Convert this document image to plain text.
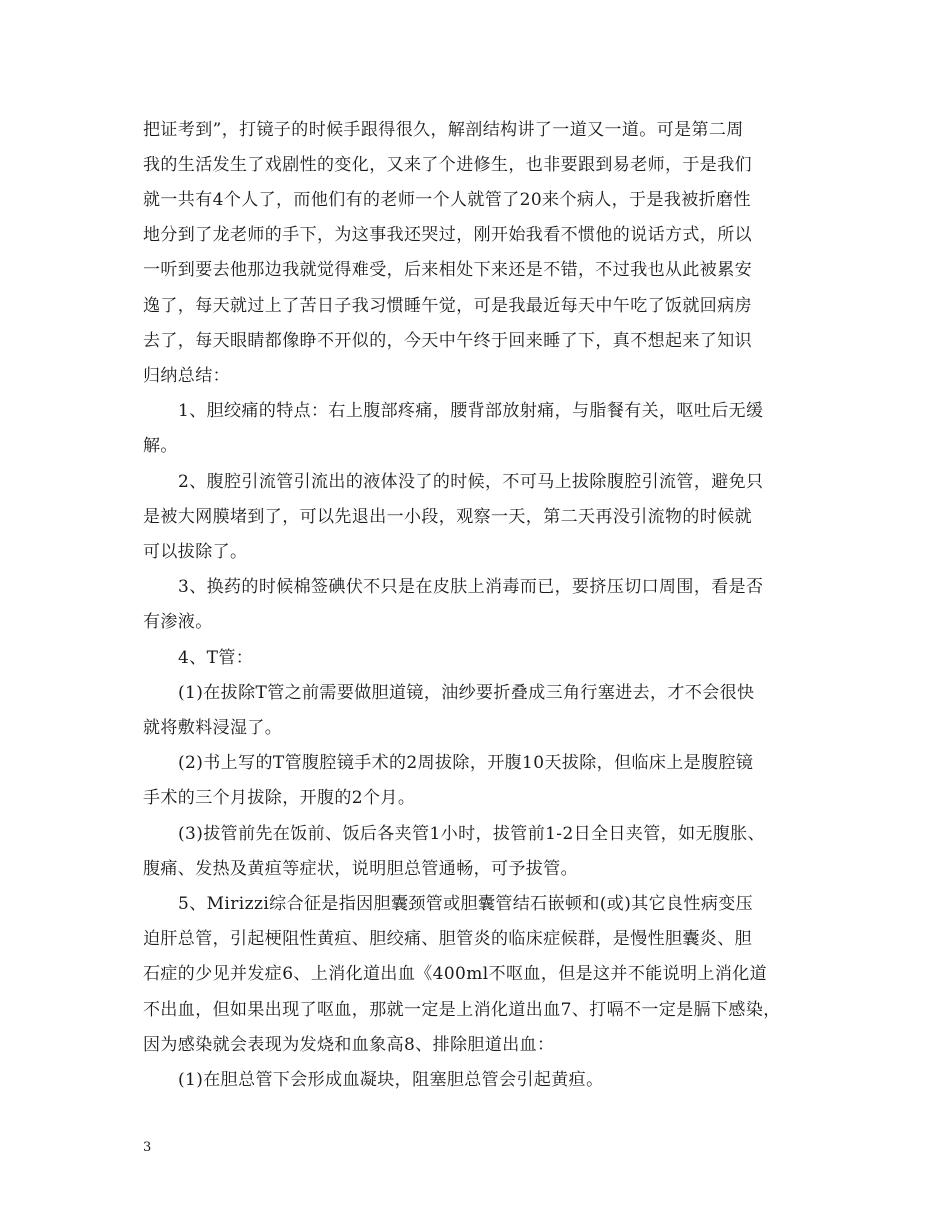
把证考到”，打镜子的时候手跟得很久，解剖结构讲了一道又一道。可是第二周
我的生活发生了戏剧性的变化，又来了个进修生，也非要跟到易老师，于是我们
就一共有4个人了，而他们有的老师一个人就管了20来个病人，于是我被折磨性
地分到了龙老师的手下，为这事我还哭过，刚开始我看不惯他的说话方式，所以
一听到要去他那边我就觉得难受，后来相处下来还是不错，不过我也从此被累安
逸了，每天就过上了苦日子我习惯睡午觉，可是我最近每天中午吃了饭就回病房
去了，每天眼睛都像睁不开似的，今天中午终于回来睡了下，真不想起来了知识
归纳总结：
1、胆绞痛的特点：右上腹部疼痛，腰背部放射痛，与脂餐有关，呕吐后无缓
解。
2、腹腔引流管引流出的液体没了的时候，不可马上拔除腹腔引流管，避免只
是被大网膜堵到了，可以先退出一小段，观察一天，第二天再没引流物的时候就
可以拔除了。
3、换药的时候棉签碘伏不只是在皮肤上消毒而已，要挤压切口周围，看是否
有渗液。
4、T管：
(1)在拔除T管之前需要做胆道镜，油纱要折叠成三角行塞进去，才不会很快
就将敷料浸湿了。
(2)书上写的T管腹腔镜手术的2周拔除，开腹10天拔除，但临床上是腹腔镜
手术的三个月拔除，开腹的2个月。
(3)拔管前先在饭前、饭后各夹管1小时，拔管前1-2日全日夹管，如无腹胀、
腹痛、发热及黄疸等症状，说明胆总管通畅，可予拔管。
5、Mirizzi综合征是指因胆囊颈管或胆囊管结石嵌顿和(或)其它良性病变压
迫肝总管，引起梗阻性黄疸、胆绞痛、胆管炎的临床症候群，是慢性胆囊炎、胆
石症的少见并发症6、上消化道出血《400ml不呕血，但是这并不能说明上消化道
不出血，但如果出现了呕血，那就一定是上消化道出血7、打嗝不一定是膈下感染，
因为感染就会表现为发烧和血象高8、排除胆道出血：
(1)在胆总管下会形成血凝块，阻塞胆总管会引起黄疸。
3
